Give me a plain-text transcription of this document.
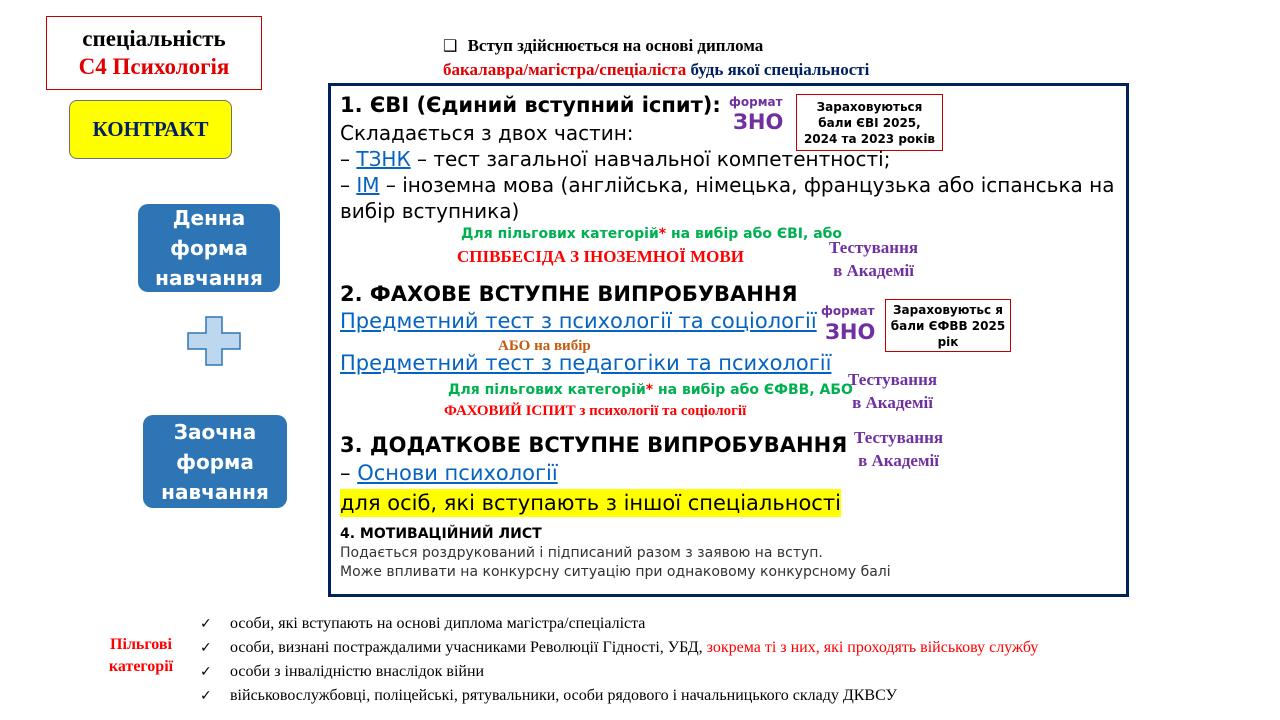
спеціальність
С4 Психологія
КОНТРАКТ
Денна
форма
навчання
Заочна
форма
навчання
❑ Вступ здійснюється на основі диплома
бакалавра/магістра/спеціаліста будь якої спеціальності
1. ЄВІ (Єдиний вступний іспит): формат
ЗНО
Зараховуються бали ЄВІ 2025, 2024 та 2023 років
Складається з двох частин:
– ТЗНК – тест загальної навчальної компетентності;
– ІМ – іноземна мова (англійська, німецька, французька або іспанська на
вибір вступника)
Для пільгових категорій* на вибір або ЄВІ, або
СПІВБЕСІДА З ІНОЗЕМНОЇ МОВИ	Тестування
в Академії
2. ФАХОВЕ ВСТУПНЕ ВИПРОБУВАННЯ
формат
ЗНО
Зараховуютьс я бали ЄФВВ 2025 рік
Предметний тест з психології та соціології
АБО на вибір
Предметний тест з педагогіки та психології
Для пільгових категорій* на вибір або ЄФВВ, АБО
ФАХОВИЙ ІСПИТ з психології та соціології
Тестування
в Академії
3. ДОДАТКОВЕ ВСТУПНЕ ВИПРОБУВАННЯ Тестування
в Академії
– Основи психології
для осіб, які вступають з іншої спеціальності
4. МОТИВАЦІЙНИЙ ЛИСТ
Подається роздрукований і підписаний разом з заявою на вступ.
Може впливати на конкурсну ситуацію при однаковому конкурсному балі
Пільгові категорії
✓ особи, які вступають на основі диплома магістра/спеціаліста
✓ особи, визнані постраждалими учасниками Революції Гідності, УБД, зокрема ті з них, які проходять військову службу
✓ особи з інвалідністю внаслідок війни
✓ військовослужбовці, поліцейські, рятувальники, особи рядового і начальницького складу ДКВСУ
